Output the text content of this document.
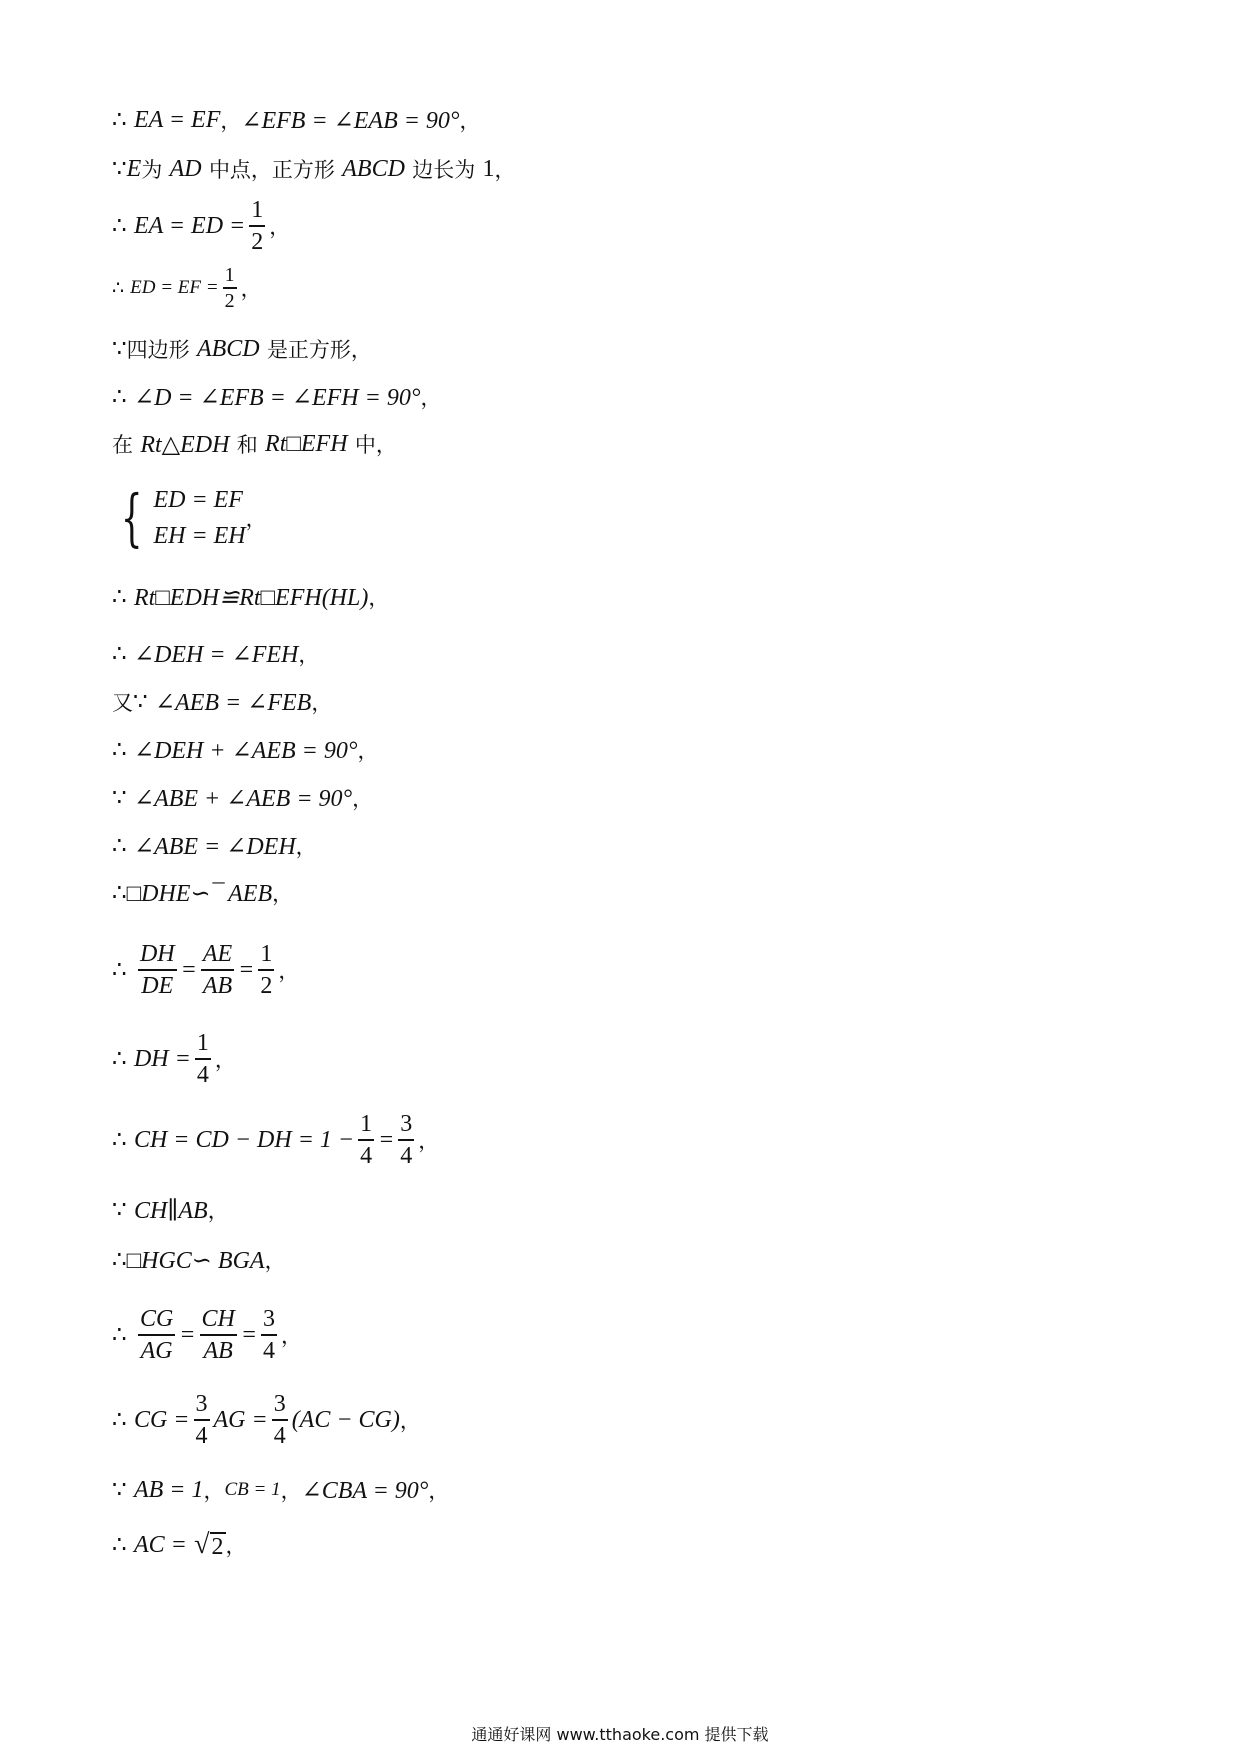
∴
EA = EF ， ∠EFB = ∠EAB = 90° ，
∵ E 为
AD
中点，正方形
ABCD
边长为
1 ，
∴
EA = ED = $\frac{1}{2}$ ，
∴
ED = EF = $\frac{1}{2}$ ，
∵ 四边形
ABCD
是正方形，
∴
∠D = ∠EFB = ∠EFH = 90° ，
在
Rt△EDH
和
Rt□EFH
中，
{ ED = EF
EH = EH
，
∴
Rt□EDH≌Rt□EFH(HL) ，
∴
∠DEH = ∠FEH ，
又 ∵
∠AEB = ∠FEB ，
∴
∠DEH + ∠AEB = 90° ，
∵
∠ABE + ∠AEB = 90° ，
∴
∠ABE = ∠DEH ，
∴ □DHE∽¯ AEB ，
∴
$\frac{DH}{DE} = \frac{AE}{AB} = \frac{1}{2}$ ，
∴
DH = $\frac{1}{4}$ ，
∴
CH = CD − DH = $1 - \frac{1}{4} = \frac{3}{4}$ ，
∵
CH∥AB ，
∴ □HGC∽ BGA ，
∴
$\frac{CG}{AG} = \frac{CH}{AB} = \frac{3}{4}$ ，
∴
CG = $\frac{3}{4}$ AG = $\frac{3}{4} (AC - CG)$ ，
∵
AB = 1 ， CB = 1 ， ∠CBA = 90° ，
∴
AC =
√ 2 ，
通通好课网 www.tthaoke.com 提供下载
